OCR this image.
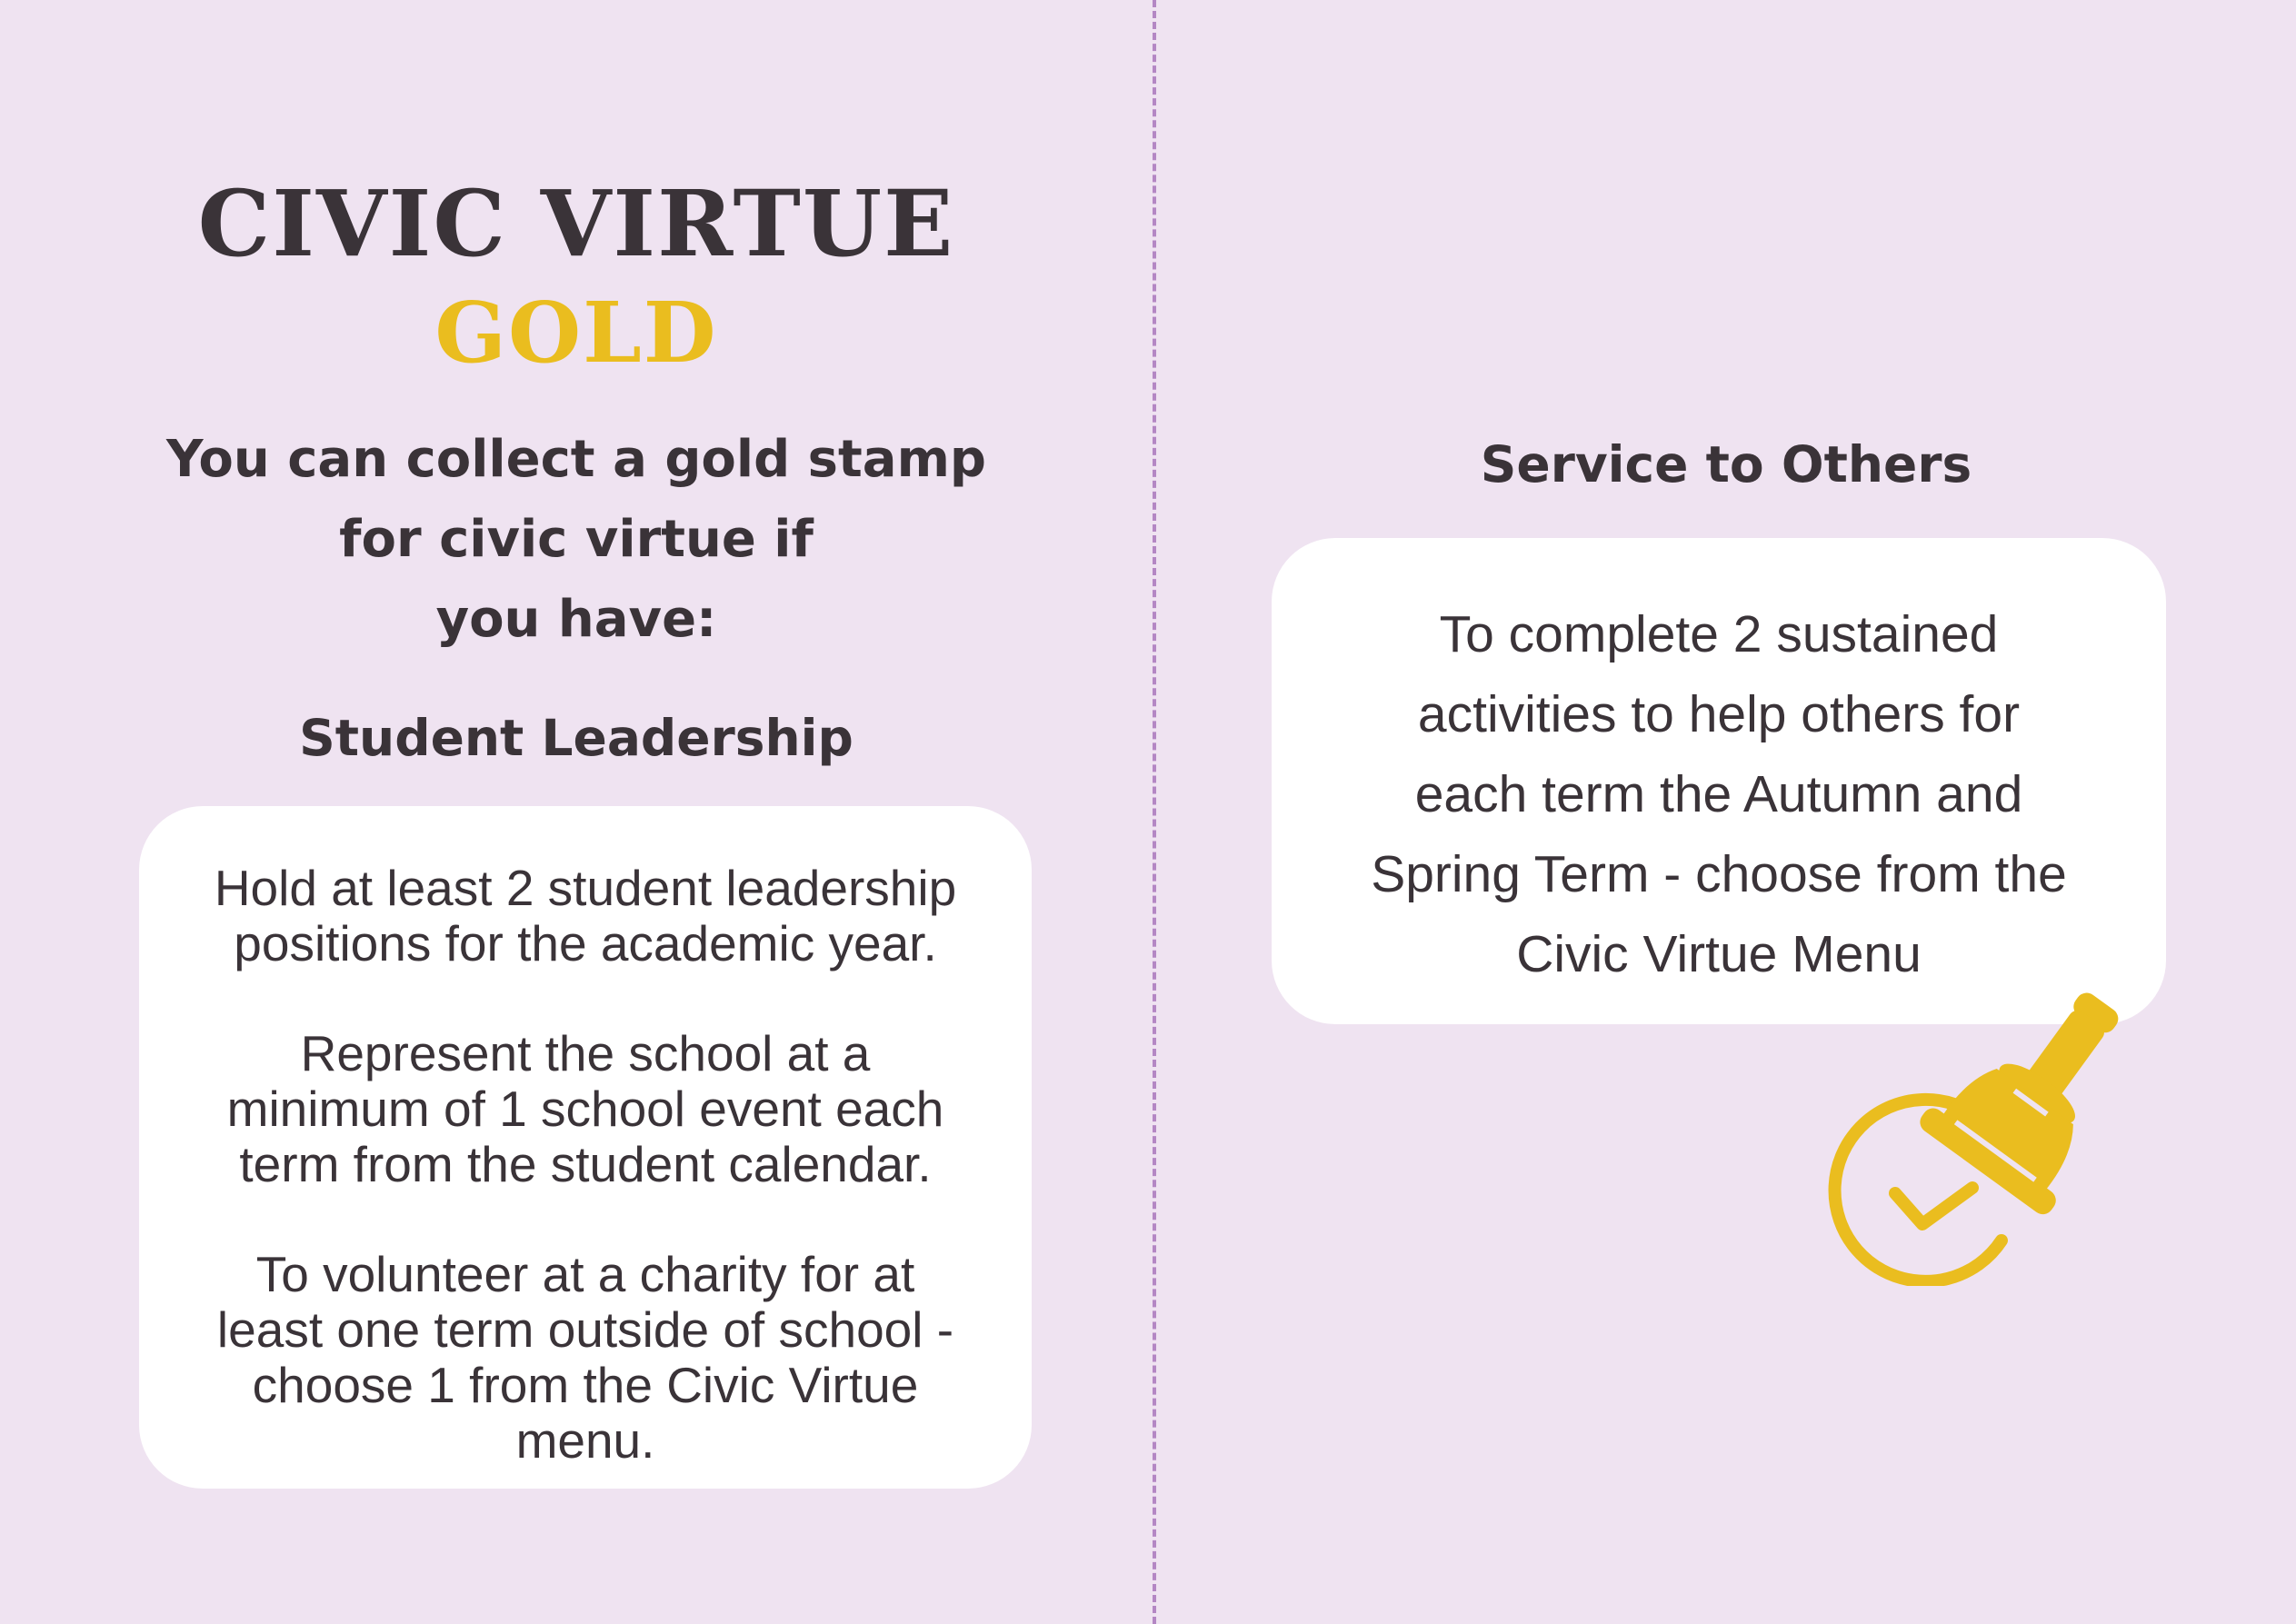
CIVIC VIRTUE
GOLD
You can collect a gold stamp
for civic virtue if
you have:
Student Leadership

Hold at least 2 student leadership
positions for the academic year.

Represent the school at a
minimum of 1 school event each
term from the student calendar.

To volunteer at a charity for at
least one term outside of school -
choose 1 from the Civic Virtue
menu.

Service to Others

To complete 2 sustained
activities to help others for
each term the Autumn and
Spring Term - choose from the
Civic Virtue Menu
